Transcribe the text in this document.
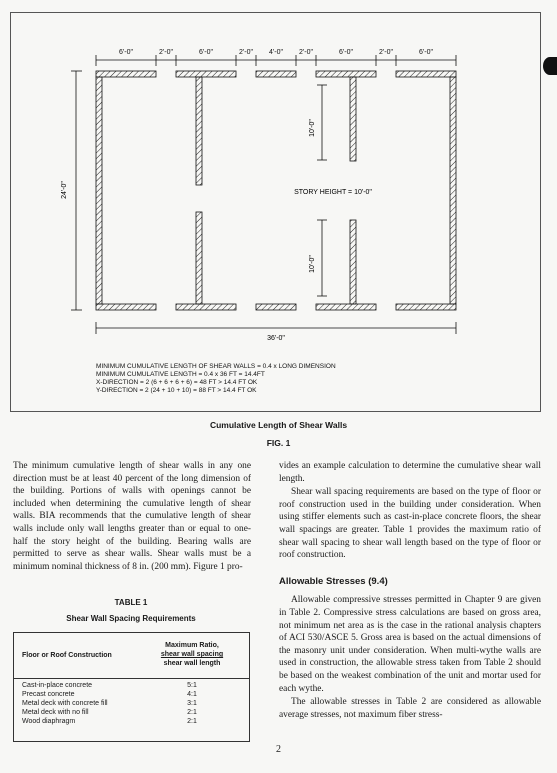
6'-0"	2'-0"	6'-0"	2'-0" 4'-0" 2'-0"	6'-0"	2'-0"	6'-0"
24'-0"
10'-0"
10'-0"
STORY HEIGHT = 10'-0"
36'-0"
MINIMUM CUMULATIVE LENGTH OF SHEAR WALLS = 0.4 x LONG DIMENSION
MINIMUM CUMULATIVE LENGTH = 0.4 x 36 FT = 14.4FT
X-DIRECTION = 2 (6 + 6 + 6 + 6) = 48 FT > 14.4 FT OK
Y-DIRECTION = 2 (24 + 10 + 10) = 88 FT > 14.4 FT OK
Cumulative Length of Shear Walls
FIG. 1

The minimum cumulative length of shear walls in any one direction must be at least 40 percent of the long dimension of the building. Portions of walls with openings cannot be included when determining the cumulative length of shear walls. BIA recommends that the cumulative length of shear walls include only wall lengths greater than or equal to one-half the story height of the building. Bearing walls are permitted to serve as shear walls. Shear walls must be a minimum nominal thickness of 8 in. (200 mm). Figure 1 pro-

TABLE 1
Shear Wall Spacing Requirements
Floor or Roof Construction
Maximum Ratio,
shear wall spacing
shear wall length
Cast-in-place concrete	5:1
Precast concrete	4:1
Metal deck with concrete fill	3:1
Metal deck with no fill	2:1
Wood diaphragm	2:1

vides an example calculation to determine the cumulative shear wall length.

Shear wall spacing requirements are based on the type of floor or roof construction used in the building under consideration. When using stiffer elements such as cast-in-place concrete floors, the shear wall spacings are greater. Table 1 provides the maximum ratio of shear wall spacing to shear wall length based on the type of floor or roof construction.

Allowable Stresses (9.4)

Allowable compressive stresses permitted in Chapter 9 are given in Table 2. Compressive stress calculations are based on gross area, not minimum net area as is the case in the rational analysis chapters of ACI 530/ASCE 5. Gross area is based on the actual dimensions of the masonry unit under consideration. When multi-wythe walls are used in construction, the allowable stress taken from Table 2 should be based on the weakest combination of the unit and mortar used for each wythe.

The allowable stresses in Table 2 are considered as allowable average stresses, not maximum fiber stress-

2
